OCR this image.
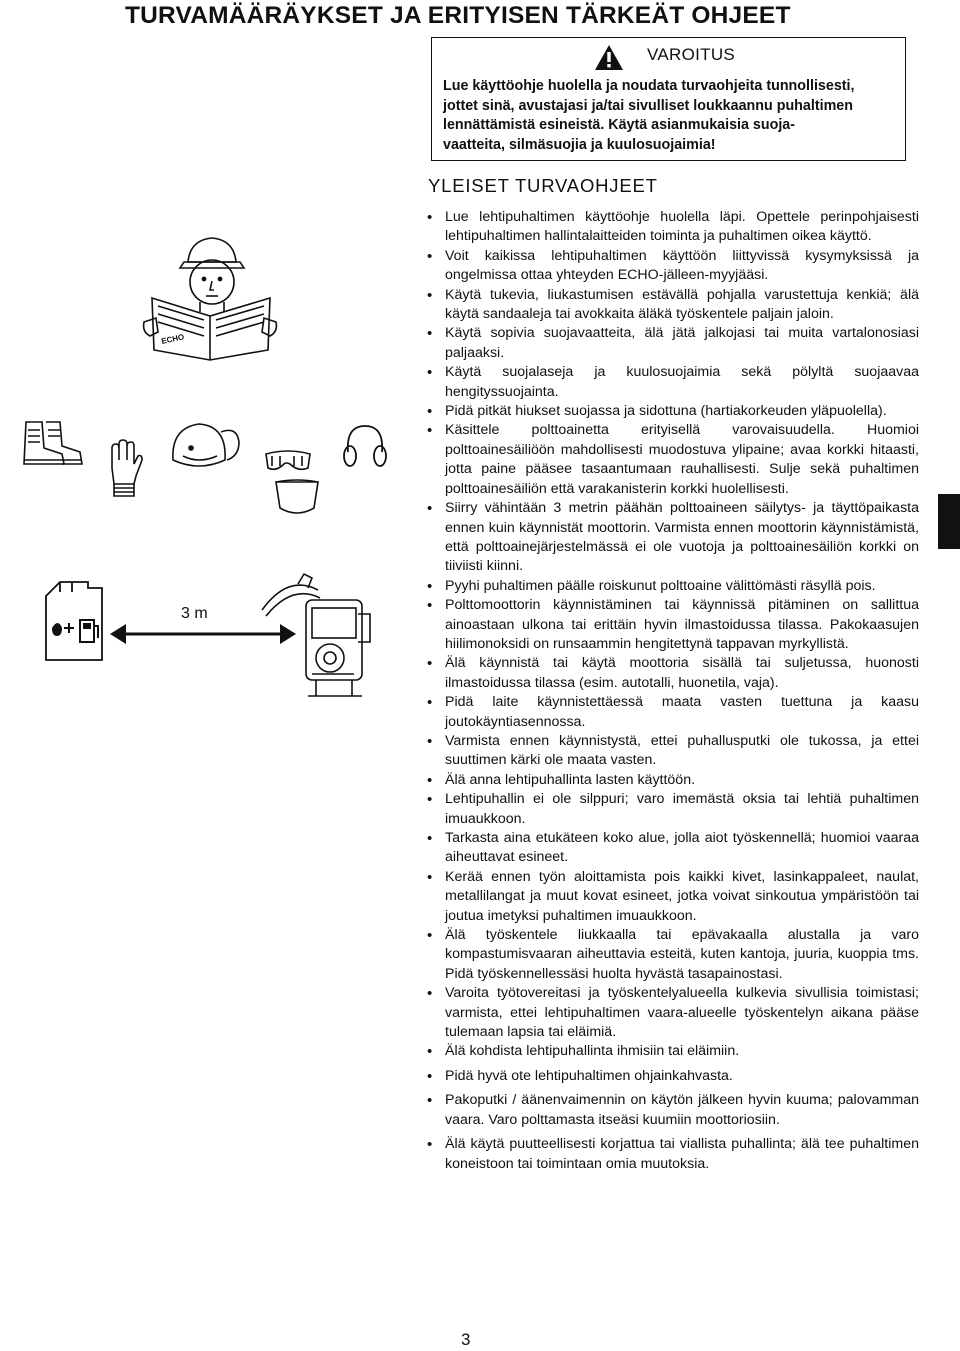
TURVAMÄÄRÄYKSET JA ERITYISEN TÄRKEÄT OHJEET
VAROITUS
Lue käyttöohje huolella ja noudata turvaohjeita tunnollisesti,
jottet sinä, avustajasi ja/tai sivulliset loukkaannu puhaltimen
lennättämistä esineistä. Käytä asianmukaisia suoja-
vaatteita, silmäsuojia ja kuulosuojaimia!
YLEISET TURVAOHJEET
• Lue lehtipuhaltimen käyttöohje huolella läpi. Opettele perinpohjaisesti lehtipuhaltimen hallintalaitteiden toiminta ja puhaltimen oikea käyttö.
• Voit kaikissa lehtipuhaltimen käyttöön liittyvissä kysymyksissä ja ongelmissa ottaa yhteyden ECHO-jälleen-myyjääsi.
• Käytä tukevia, liukastumisen estävällä pohjalla varustettuja kenkiä; älä käytä sandaaleja tai avokkaita äläkä työskentele paljain jaloin.
• Käytä sopivia suojavaatteita, älä jätä jalkojasi tai muita vartalonosiasi paljaaksi.
• Käytä suojalaseja ja kuulosuojaimia sekä pölyltä suojaavaa hengityssuojainta.
• Pidä pitkät hiukset suojassa ja sidottuna (hartiakorkeuden yläpuolella).
• Käsittele polttoainetta erityisellä varovaisuudella. Huomioi polttoainesäiliöön mahdollisesti muodostuva ylipaine; avaa korkki hitaasti, jotta paine pääsee tasaantumaan rauhallisesti. Sulje sekä puhaltimen polttoainesäiliön että varakanisterin korkki huolellisesti.
• Siirry vähintään 3 metrin päähän polttoaineen säilytys- ja täyttöpaikasta ennen kuin käynnistät moottorin. Varmista ennen moottorin käynnistämistä, että polttoainejärjestelmässä ei ole vuotoja ja polttoainesäiliön korkki on tiiviisti kiinni.
• Pyyhi puhaltimen päälle roiskunut polttoaine välittömästi räsyllä pois.
• Polttomoottorin käynnistäminen tai käynnissä pitäminen on sallittua ainoastaan ulkona tai erittäin hyvin ilmastoidussa tilassa. Pakokaasujen hiilimonoksidi on runsaammin hengitettynä tappavan myrkyllistä.
• Älä käynnistä tai käytä moottoria sisällä tai suljetussa, huonosti ilmastoidussa tilassa (esim. autotalli, huonetila, vaja).
• Pidä laite käynnistettäessä maata vasten tuettuna ja kaasu joutokäyntiasennossa.
• Varmista ennen käynnistystä, ettei puhallusputki ole tukossa, ja ettei suuttimen kärki ole maata vasten.
• Älä anna lehtipuhallinta lasten käyttöön.
• Lehtipuhallin ei ole silppuri; varo imemästä oksia tai lehtiä puhaltimen imuaukkoon.
• Tarkasta aina etukäteen koko alue, jolla aiot työskennellä; huomioi vaaraa aiheuttavat esineet.
• Kerää ennen työn aloittamista pois kaikki kivet, lasinkappaleet, naulat, metallilangat ja muut kovat esineet, jotka voivat sinkoutua ympäristöön tai joutua imetyksi puhaltimen imuaukkoon.
• Älä työskentele liukkaalla tai epävakaalla alustalla ja varo kompastumisvaaran aiheuttavia esteitä, kuten kantoja, juuria, kuoppia tms. Pidä työskennellessäsi huolta hyvästä tasapainostasi.
• Varoita työtovereitasi ja työskentelyalueella kulkevia sivullisia toimistasi; varmista, ettei lehtipuhaltimen vaara-alueelle työskentelyn aikana pääse tulemaan lapsia tai eläimiä.
• Älä kohdista lehtipuhallinta ihmisiin tai eläimiin.
• Pidä hyvä ote lehtipuhaltimen ohjainkahvasta.
• Pakoputki / äänenvaimennin on käytön jälkeen hyvin kuuma; palovamman vaara. Varo polttamasta itseäsi kuumiin moottoriosiin.
• Älä käytä puutteellisesti korjattua tai viallista puhallinta; älä tee puhaltimen koneistoon tai toimintaan omia muutoksia.
ECHO
3 m
3
